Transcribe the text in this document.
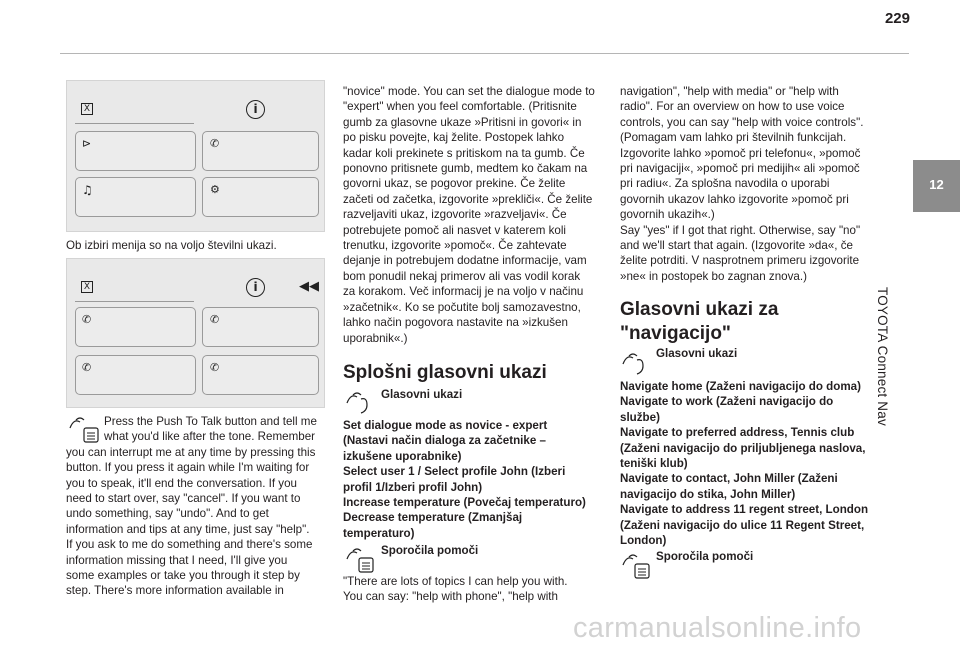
229
12
TOYOTA Connect Nav
X	i
⊳	✆
♫	⚙
Ob izbiri menija so na voljo številni ukazi.
X	i	◀◀
✆	✆
✆	✆
Press the Push To Talk button and tell me
what you'd like after the tone. Remember
you can interrupt me at any time by pressing this
button. If you press it again while I'm waiting for
you to speak, it'll end the conversation. If you
need to start over, say "cancel". If you want to
undo something, say "undo". And to get
information and tips at any time, just say "help".
If you ask to me do something and there's some
information missing that I need, I'll give you
some examples or take you through it step by
step. There's more information available in
"novice" mode. You can set the dialogue mode to
"expert" when you feel comfortable. (Pritisnite
gumb za glasovne ukaze »Pritisni in govori« in
po pisku povejte, kaj želite. Postopek lahko
kadar koli prekinete s pritiskom na ta gumb. Če
ponovno pritisnete gumb, medtem ko čakam na
govorni ukaz, se pogovor prekine. Če želite
začeti od začetka, izgovorite »prekliči«. Če želite
razveljaviti ukaz, izgovorite »razveljavi«. Če
potrebujete pomoč ali nasvet v katerem koli
trenutku, izgovorite »pomoč«. Če zahtevate
dejanje in potrebujem dodatne informacije, vam
bom ponudil nekaj primerov ali vas vodil korak
za korakom. Več informacij je na voljo v načinu
»začetnik«. Ko se počutite bolj samozavestno,
lahko način pogovora nastavite na »izkušen
uporabnik«.)
Splošni glasovni ukazi
Glasovni ukazi
Set dialogue mode as novice - expert
(Nastavi način dialoga za začetnike –
izkušene uporabnike)
Select user 1 / Select profile John (Izberi
profil 1/Izberi profil John)
Increase temperature (Povečaj temperaturo)
Decrease temperature (Zmanjšaj
temperaturo)
Sporočila pomoči
"There are lots of topics I can help you with.
You can say: "help with phone", "help with
navigation", "help with media" or "help with
radio". For an overview on how to use voice
controls, you can say "help with voice controls".
(Pomagam vam lahko pri številnih funkcijah.
Izgovorite lahko »pomoč pri telefonu«, »pomoč
pri navigaciji«, »pomoč pri medijih« ali »pomoč
pri radiu«. Za splošna navodila o uporabi
govornih ukazov lahko izgovorite »pomoč pri
govornih ukazih«.)
Say "yes" if I got that right. Otherwise, say "no"
and we'll start that again. (Izgovorite »da«, če
želite potrditi. V nasprotnem primeru izgovorite
»ne« in postopek bo zagnan znova.)
Glasovni ukazi za
"navigacijo"
Glasovni ukazi
Navigate home (Zaženi navigacijo do doma)
Navigate to work (Zaženi navigacijo do
službe)
Navigate to preferred address, Tennis club
(Zaženi navigacijo do priljubljenega naslova,
teniški klub)
Navigate to contact, John Miller (Zaženi
navigacijo do stika, John Miller)
Navigate to address 11 regent street, London
(Zaženi navigacijo do ulice 11 Regent Street,
London)
Sporočila pomoči
carmanualsonline.info
